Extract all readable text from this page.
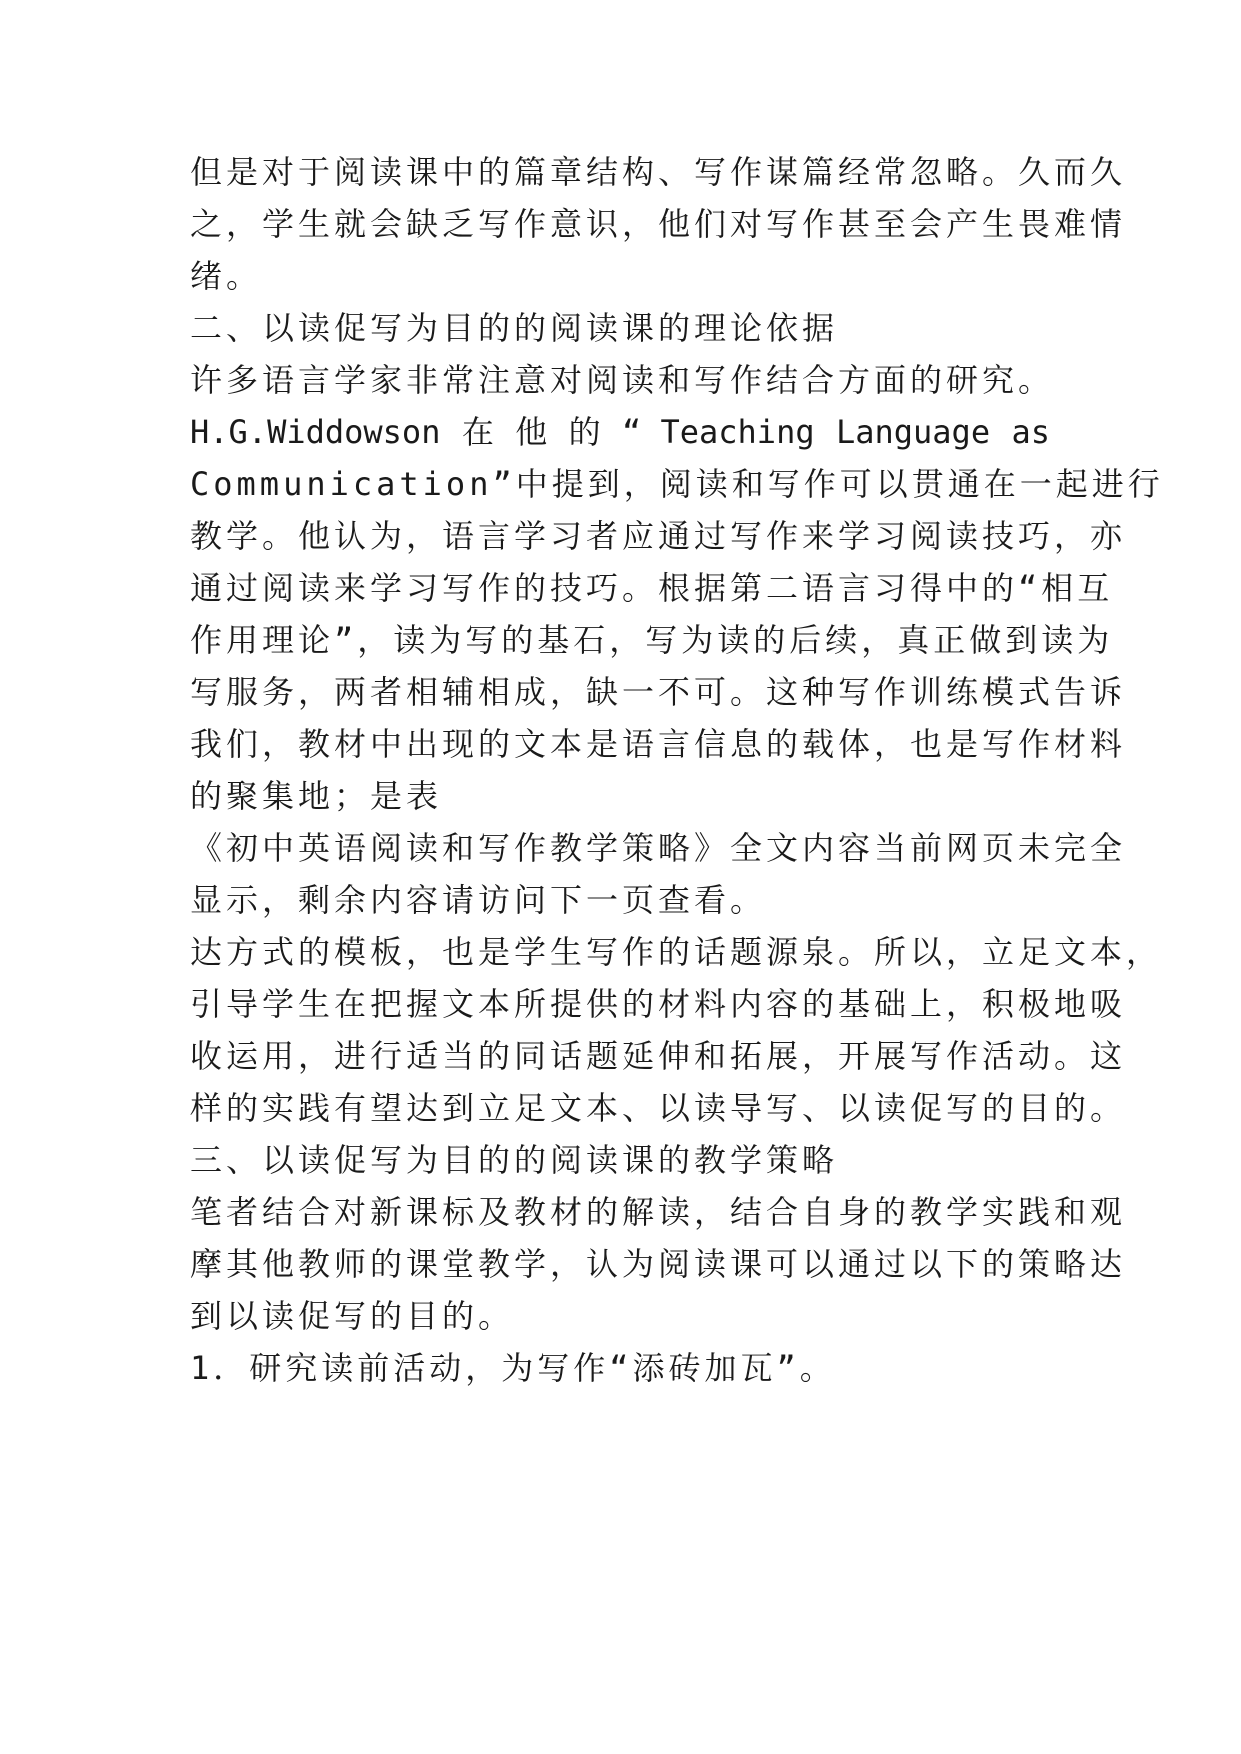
但是对于阅读课中的篇章结构、写作谋篇经常忽略。久而久
之，学生就会缺乏写作意识，他们对写作甚至会产生畏难情
绪。
二、以读促写为目的的阅读课的理论依据
许多语言学家非常注意对阅读和写作结合方面的研究。
H.G.Widdowson 在 他 的 “ Teaching Language as
Communication”中提到，阅读和写作可以贯通在一起进行
教学。他认为，语言学习者应通过写作来学习阅读技巧，亦
通过阅读来学习写作的技巧。根据第二语言习得中的“相互
作用理论”，读为写的基石，写为读的后续，真正做到读为
写服务，两者相辅相成，缺一不可。这种写作训练模式告诉
我们，教材中出现的文本是语言信息的载体，也是写作材料
的聚集地；是表
《初中英语阅读和写作教学策略》全文内容当前网页未完全
显示，剩余内容请访问下一页查看。
达方式的模板，也是学生写作的话题源泉。所以，立足文本，
引导学生在把握文本所提供的材料内容的基础上，积极地吸
收运用，进行适当的同话题延伸和拓展，开展写作活动。这
样的实践有望达到立足文本、以读导写、以读促写的目的。
三、以读促写为目的的阅读课的教学策略
笔者结合对新课标及教材的解读，结合自身的教学实践和观
摩其他教师的课堂教学，认为阅读课可以通过以下的策略达
到以读促写的目的。
1．研究读前活动，为写作“添砖加瓦”。
